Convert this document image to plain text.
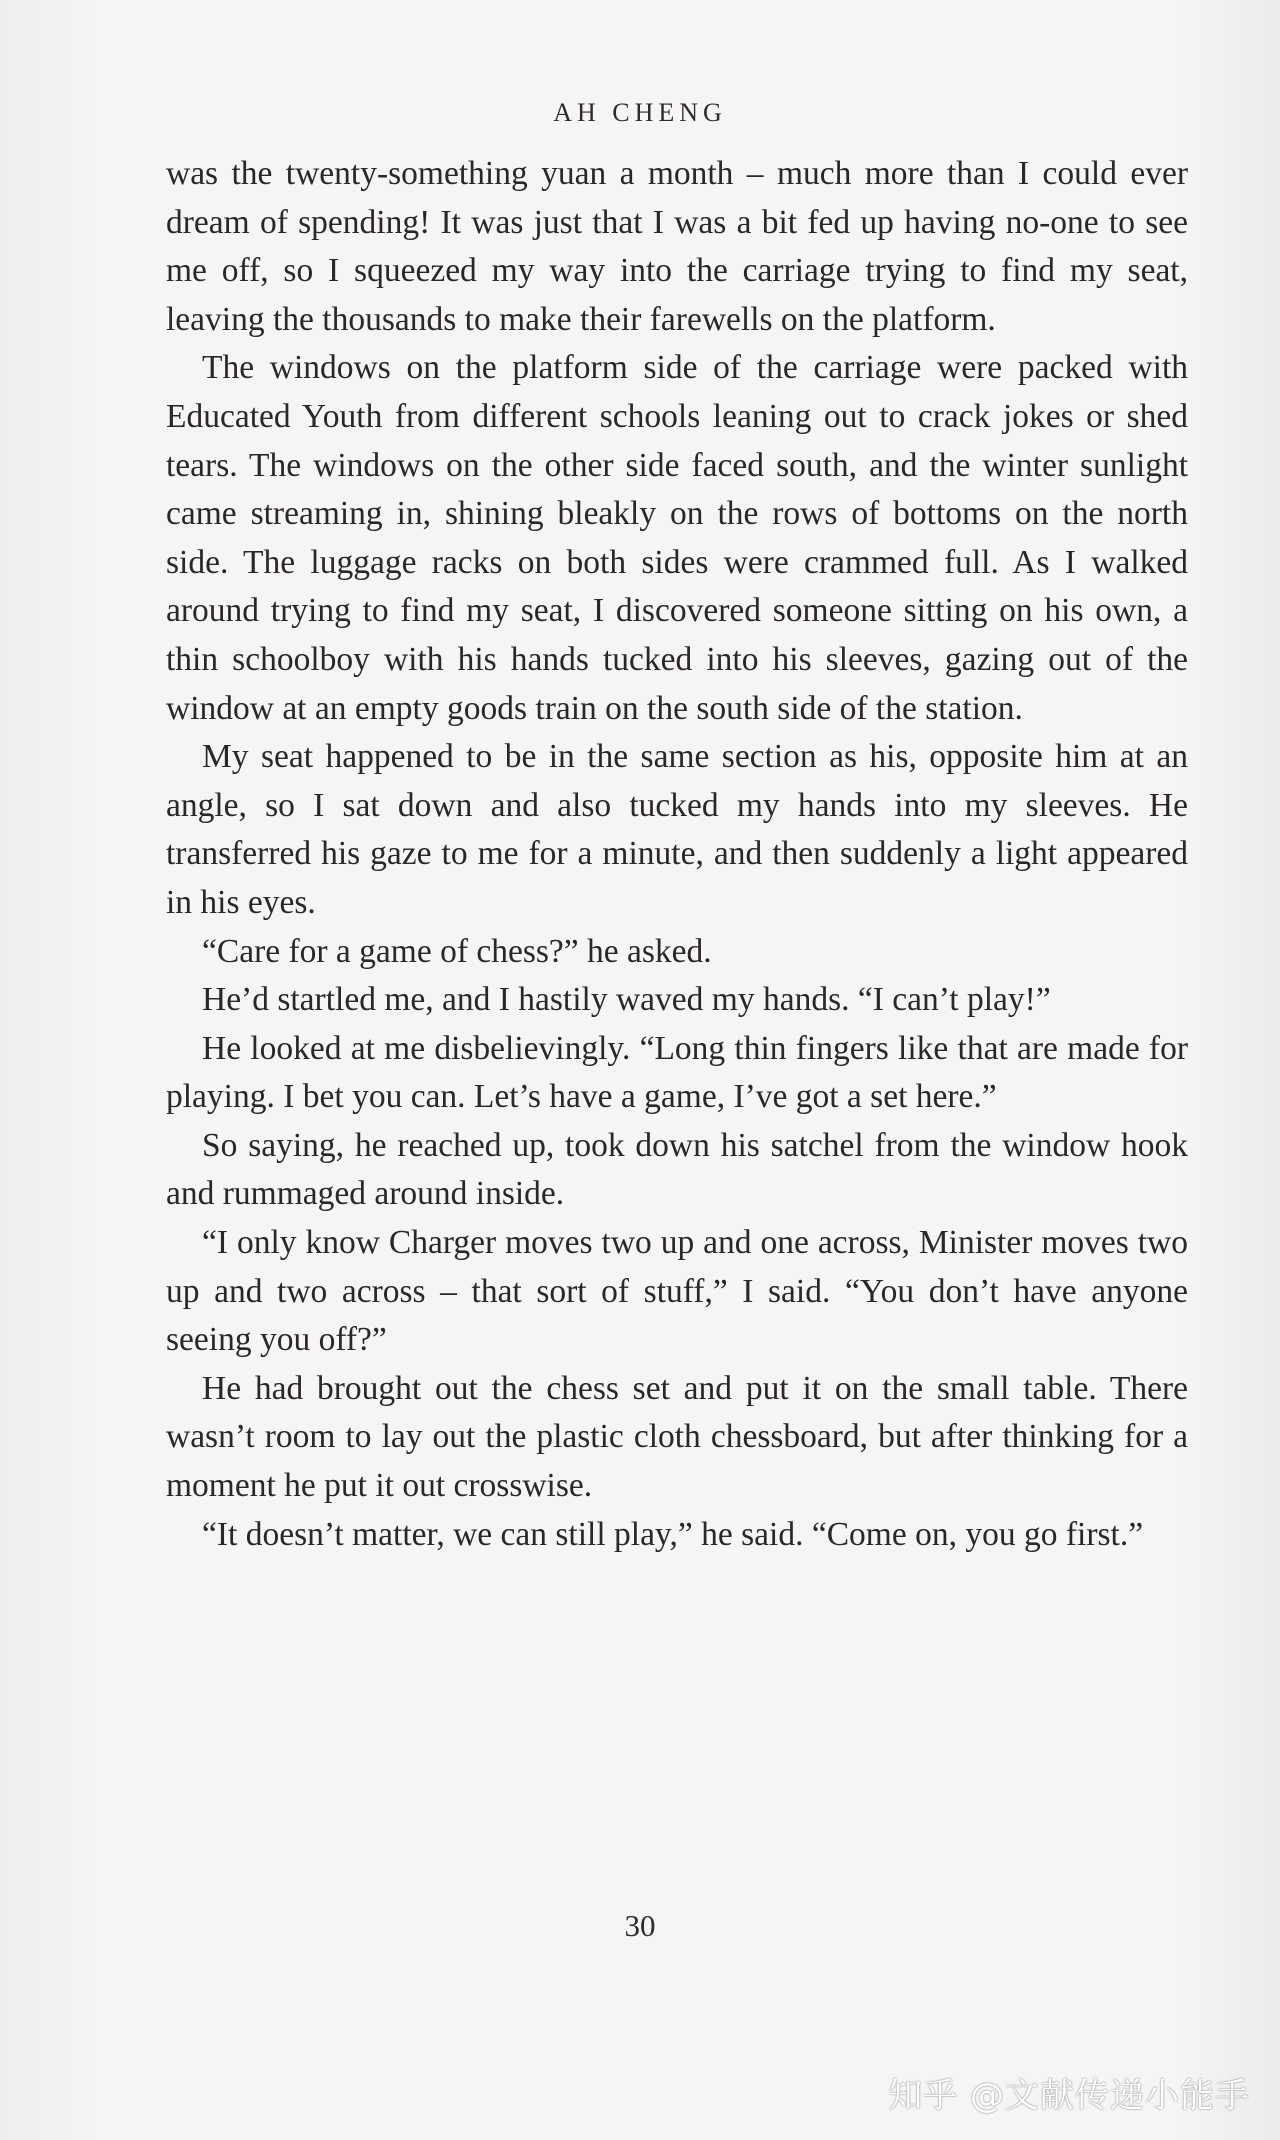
AH CHENG

was the twenty-something yuan a month – much more than I could ever dream of spending! It was just that I was a bit fed up having no-one to see me off, so I squeezed my way into the carriage trying to find my seat, leaving the thousands to make their farewells on the platform.

The windows on the platform side of the carriage were packed with Educated Youth from different schools leaning out to crack jokes or shed tears. The windows on the other side faced south, and the winter sunlight came streaming in, shining bleakly on the rows of bottoms on the north side. The luggage racks on both sides were crammed full. As I walked around trying to find my seat, I discovered someone sitting on his own, a thin schoolboy with his hands tucked into his sleeves, gazing out of the window at an empty goods train on the south side of the station.

My seat happened to be in the same section as his, opposite him at an angle, so I sat down and also tucked my hands into my sleeves. He transferred his gaze to me for a minute, and then suddenly a light appeared in his eyes.

“Care for a game of chess?” he asked.

He’d startled me, and I hastily waved my hands. “I can’t play!”

He looked at me disbelievingly. “Long thin fingers like that are made for playing. I bet you can. Let’s have a game, I’ve got a set here.”

So saying, he reached up, took down his satchel from the window hook and rummaged around inside.

“I only know Charger moves two up and one across, Minister moves two up and two across – that sort of stuff,” I said. “You don’t have anyone seeing you off?”

He had brought out the chess set and put it on the small table. There wasn’t room to lay out the plastic cloth chessboard, but after thinking for a moment he put it out crosswise.

“It doesn’t matter, we can still play,” he said. “Come on, you go first.”

30
知乎 @文献传递小能手
